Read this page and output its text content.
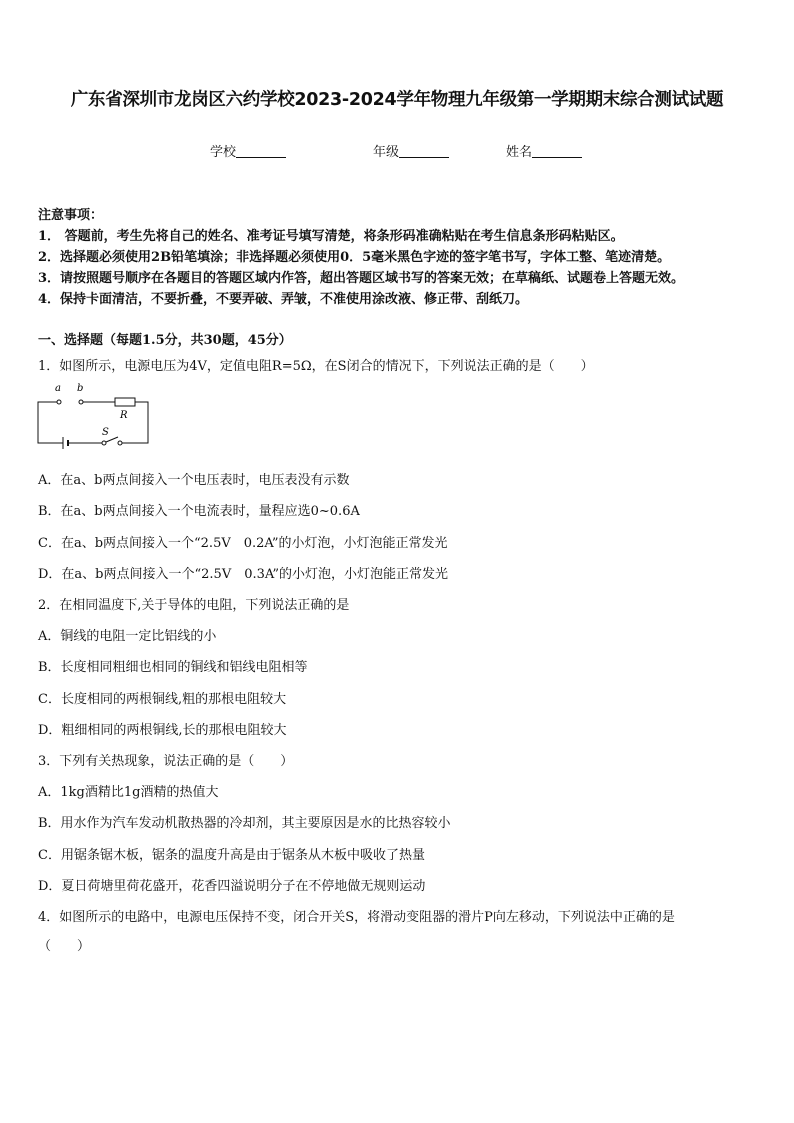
广东省深圳市龙岗区六约学校2023-2024学年物理九年级第一学期期末综合测试试题
学校	年级	姓名
注意事项：
1． 答题前，考生先将自己的姓名、准考证号填写清楚，将条形码准确粘贴在考生信息条形码粘贴区。
2．选择题必须使用2B铅笔填涂；非选择题必须使用0．5毫米黑色字迹的签字笔书写，字体工整、笔迹清楚。
3．请按照题号顺序在各题目的答题区域内作答，超出答题区域书写的答案无效；在草稿纸、试题卷上答题无效。
4．保持卡面清洁，不要折叠，不要弄破、弄皱，不准使用涂改液、修正带、刮纸刀。
一、选择题（每题1.5分，共30题，45分）
1．如图所示，电源电压为4V，定值电阻R=5Ω，在S闭合的情况下，下列说法正确的是（　　）
a b
R
S
A．在a、b两点间接入一个电压表时，电压表没有示数
B．在a、b两点间接入一个电流表时，量程应选0~0.6A
C．在a、b两点间接入一个“2.5V　0.2A”的小灯泡，小灯泡能正常发光
D．在a、b两点间接入一个“2.5V　0.3A”的小灯泡，小灯泡能正常发光
2．在相同温度下,关于导体的电阻，下列说法正确的是
A．铜线的电阻一定比铝线的小
B．长度相同粗细也相同的铜线和铝线电阻相等
C．长度相同的两根铜线,粗的那根电阻较大
D．粗细相同的两根铜线,长的那根电阻较大
3．下列有关热现象，说法正确的是（　　）
A．1kg酒精比1g酒精的热值大
B．用水作为汽车发动机散热器的冷却剂，其主要原因是水的比热容较小
C．用锯条锯木板，锯条的温度升高是由于锯条从木板中吸收了热量
D．夏日荷塘里荷花盛开，花香四溢说明分子在不停地做无规则运动
4．如图所示的电路中，电源电压保持不变，闭合开关S，将滑动变阻器的滑片P向左移动，下列说法中正确的是
（　　）
